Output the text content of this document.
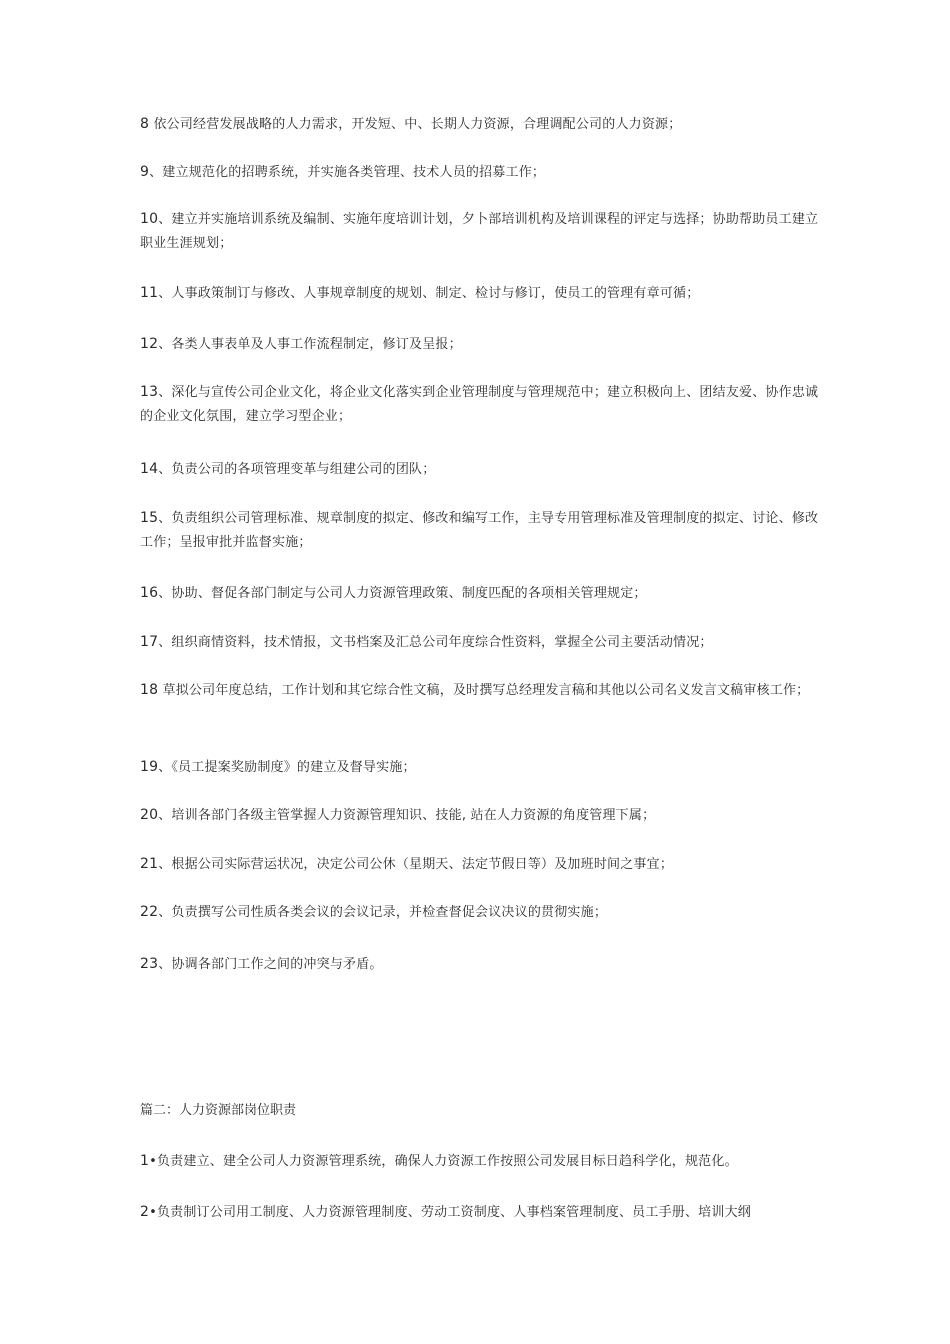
8 依公司经营发展战略的人力需求，开发短、中、长期人力资源，合理调配公司的人力资源；

9、建立规范化的招聘系统，并实施各类管理、技术人员的招募工作；

10、建立并实施培训系统及编制、实施年度培训计划，夕卜部培训机构及培训课程的评定与选择；协助帮助员工建立职业生涯规划；

11、人事政策制订与修改、人事规章制度的规划、制定、检讨与修订，使员工的管理有章可循；

12、各类人事表单及人事工作流程制定，修订及呈报；

13、深化与宣传公司企业文化，将企业文化落实到企业管理制度与管理规范中；建立积极向上、团结友爱、协作忠诚的企业文化氛围，建立学习型企业；

14、负责公司的各项管理变革与组建公司的团队；

15、负责组织公司管理标准、规章制度的拟定、修改和编写工作，主导专用管理标准及管理制度的拟定、讨论、修改工作；呈报审批并监督实施；

16、协助、督促各部门制定与公司人力资源管理政策、制度匹配的各项相关管理规定；

17、组织商情资料，技术情报，文书档案及汇总公司年度综合性资料，掌握全公司主要活动情况；

18 草拟公司年度总结，工作计划和其它综合性文稿，及时撰写总经理发言稿和其他以公司名义发言文稿审核工作；

19、《员工提案奖励制度》的建立及督导实施；

20、培训各部门各级主管掌握人力资源管理知识、技能, 站在人力资源的角度管理下属；

21、根据公司实际营运状况，决定公司公休（星期天、法定节假日等）及加班时间之事宜；

22、负责撰写公司性质各类会议的会议记录，并检查督促会议决议的贯彻实施；

23、协调各部门工作之间的冲突与矛盾。

篇二：人力资源部岗位职责

1•负责建立、建全公司人力资源管理系统，确保人力资源工作按照公司发展目标日趋科学化，规范化。

2•负责制订公司用工制度、人力资源管理制度、劳动工资制度、人事档案管理制度、员工手册、培训大纲
